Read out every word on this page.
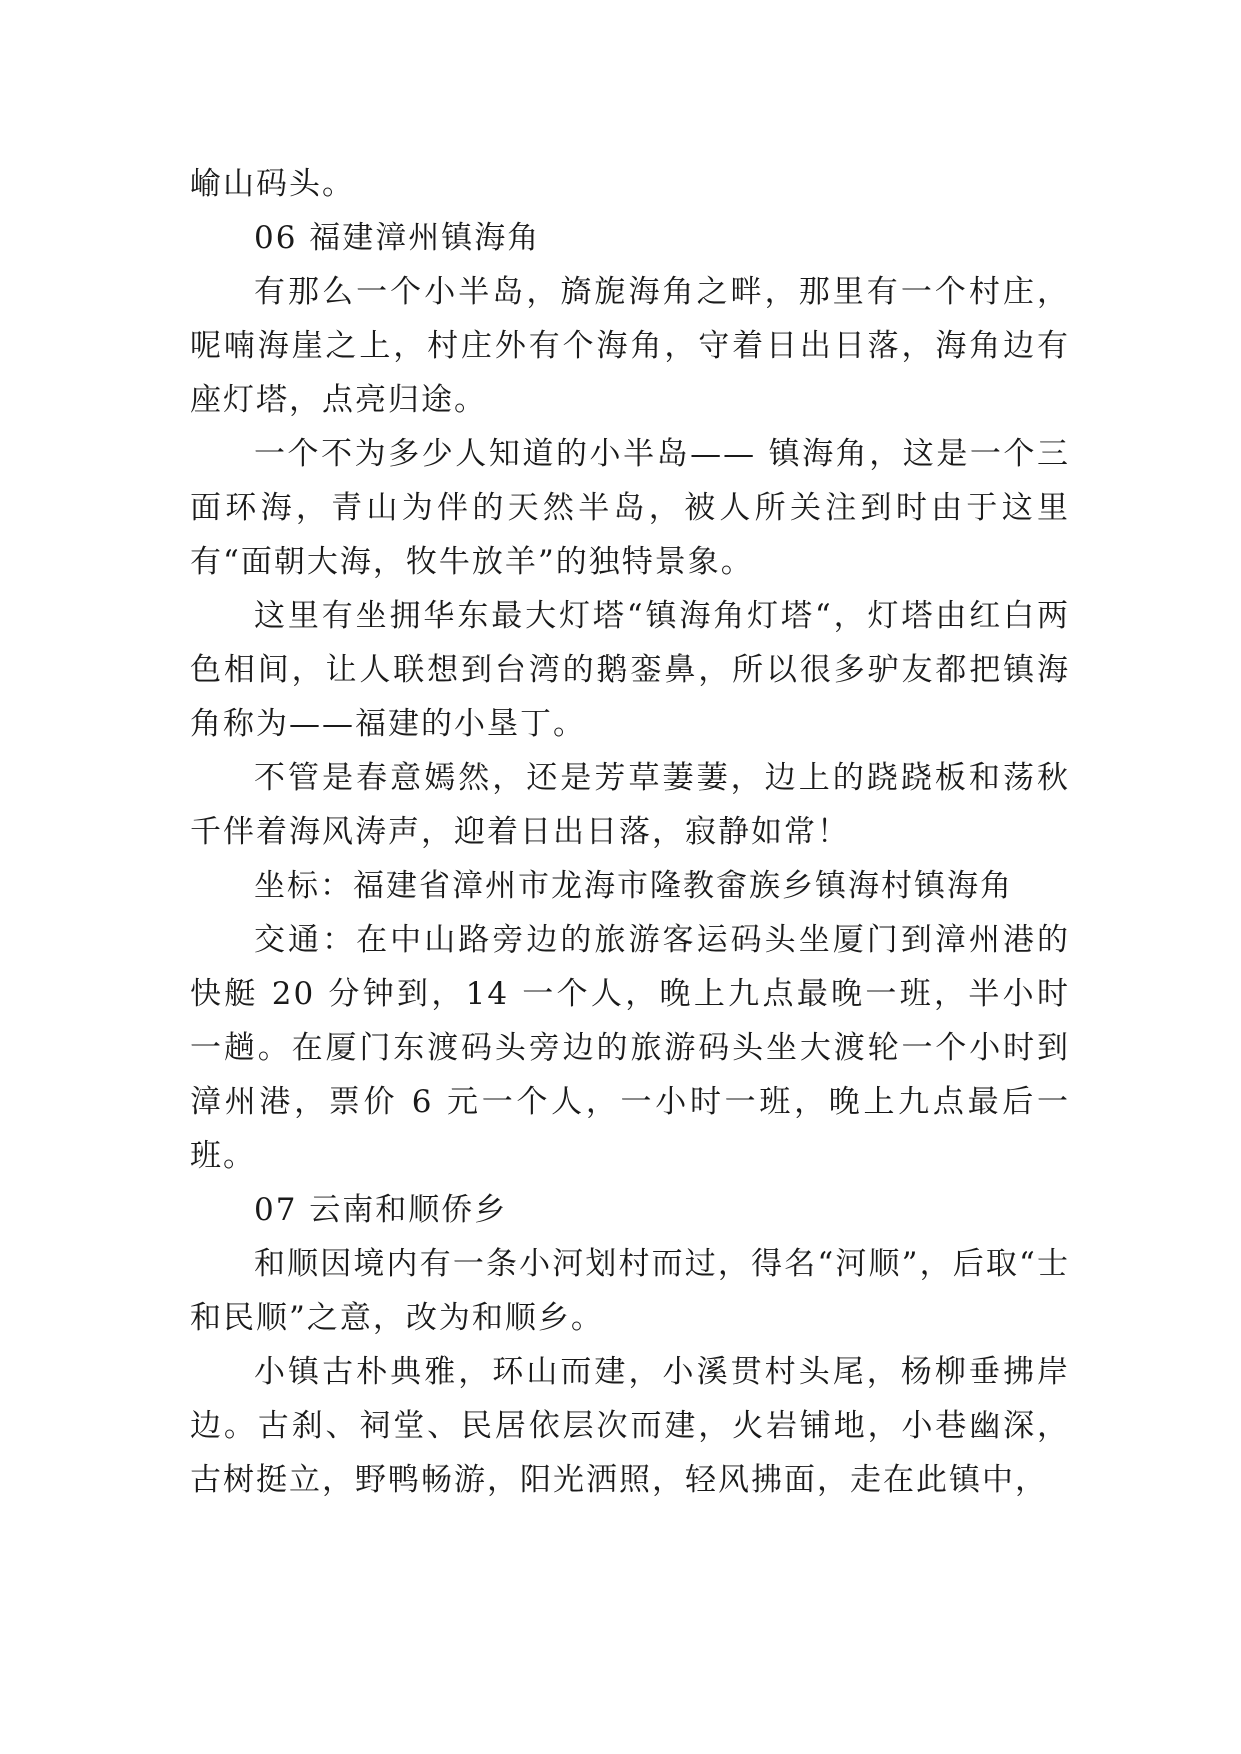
崳山码头。

06 福建漳州镇海角

有那么一个小半岛，旖旎海角之畔，那里有一个村庄，呢喃海崖之上，村庄外有个海角，守着日出日落，海角边有座灯塔，点亮归途。

一个不为多少人知道的小半岛—— 镇海角，这是一个三面环海，青山为伴的天然半岛，被人所关注到时由于这里有“面朝大海，牧牛放羊”的独特景象。

这里有坐拥华东最大灯塔“镇海角灯塔“，灯塔由红白两色相间，让人联想到台湾的鹅銮鼻，所以很多驴友都把镇海角称为——福建的小垦丁。

不管是春意嫣然，还是芳草萋萋，边上的跷跷板和荡秋千伴着海风涛声，迎着日出日落，寂静如常！

坐标：福建省漳州市龙海市隆教畲族乡镇海村镇海角

交通：在中山路旁边的旅游客运码头坐厦门到漳州港的快艇 20 分钟到，14 一个人，晚上九点最晚一班，半小时一趟。在厦门东渡码头旁边的旅游码头坐大渡轮一个小时到漳州港，票价 6 元一个人，一小时一班，晚上九点最后一班。

07 云南和顺侨乡

和顺因境内有一条小河划村而过，得名“河顺”，后取“士和民顺”之意，改为和顺乡。

小镇古朴典雅，环山而建，小溪贯村头尾，杨柳垂拂岸边。古刹、祠堂、民居依层次而建，火岩铺地，小巷幽深，古树挺立，野鸭畅游，阳光洒照，轻风拂面，走在此镇中，
